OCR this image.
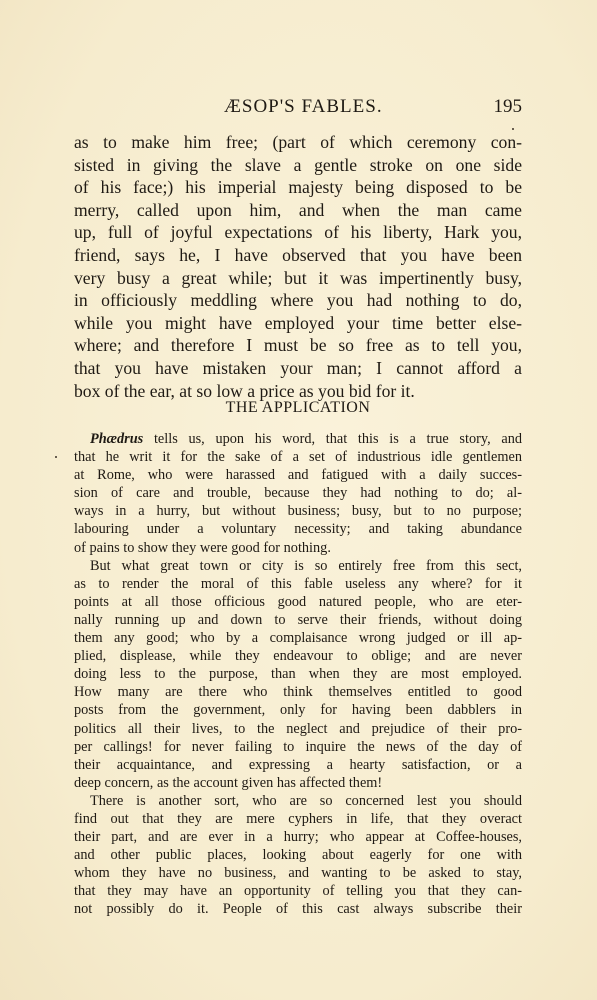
ÆSOP'S FABLES.	195
as to make him free; (part of which ceremony con-
sisted in giving the slave a gentle stroke on one side
of his face;) his imperial majesty being disposed to be
merry, called upon him, and when the man came
up, full of joyful expectations of his liberty, Hark you,
friend, says he, I have observed that you have been
very busy a great while; but it was impertinently busy,
in officiously meddling where you had nothing to do,
while you might have employed your time better else-
where; and therefore I must be so free as to tell you,
that you have mistaken your man; I cannot afford a
box of the ear, at so low a price as you bid for it.
THE APPLICATION
Phædrus tells us, upon his word, that this is a true story, and
that he writ it for the sake of a set of industrious idle gentlemen
at Rome, who were harassed and fatigued with a daily succes-
sion of care and trouble, because they had nothing to do; al-
ways in a hurry, but without business; busy, but to no purpose;
labouring under a voluntary necessity; and taking abundance
of pains to show they were good for nothing.
But what great town or city is so entirely free from this sect,
as to render the moral of this fable useless any where? for it
points at all those officious good natured people, who are eter-
nally running up and down to serve their friends, without doing
them any good; who by a complaisance wrong judged or ill ap-
plied, displease, while they endeavour to oblige; and are never
doing less to the purpose, than when they are most employed.
How many are there who think themselves entitled to good
posts from the government, only for having been dabblers in
politics all their lives, to the neglect and prejudice of their pro-
per callings! for never failing to inquire the news of the day of
their acquaintance, and expressing a hearty satisfaction, or a
deep concern, as the account given has affected them!
There is another sort, who are so concerned lest you should
find out that they are mere cyphers in life, that they overact
their part, and are ever in a hurry; who appear at Coffee-houses,
and other public places, looking about eagerly for one with
whom they have no business, and wanting to be asked to stay,
that they may have an opportunity of telling you that they can-
not possibly do it. People of this cast always subscribe their
